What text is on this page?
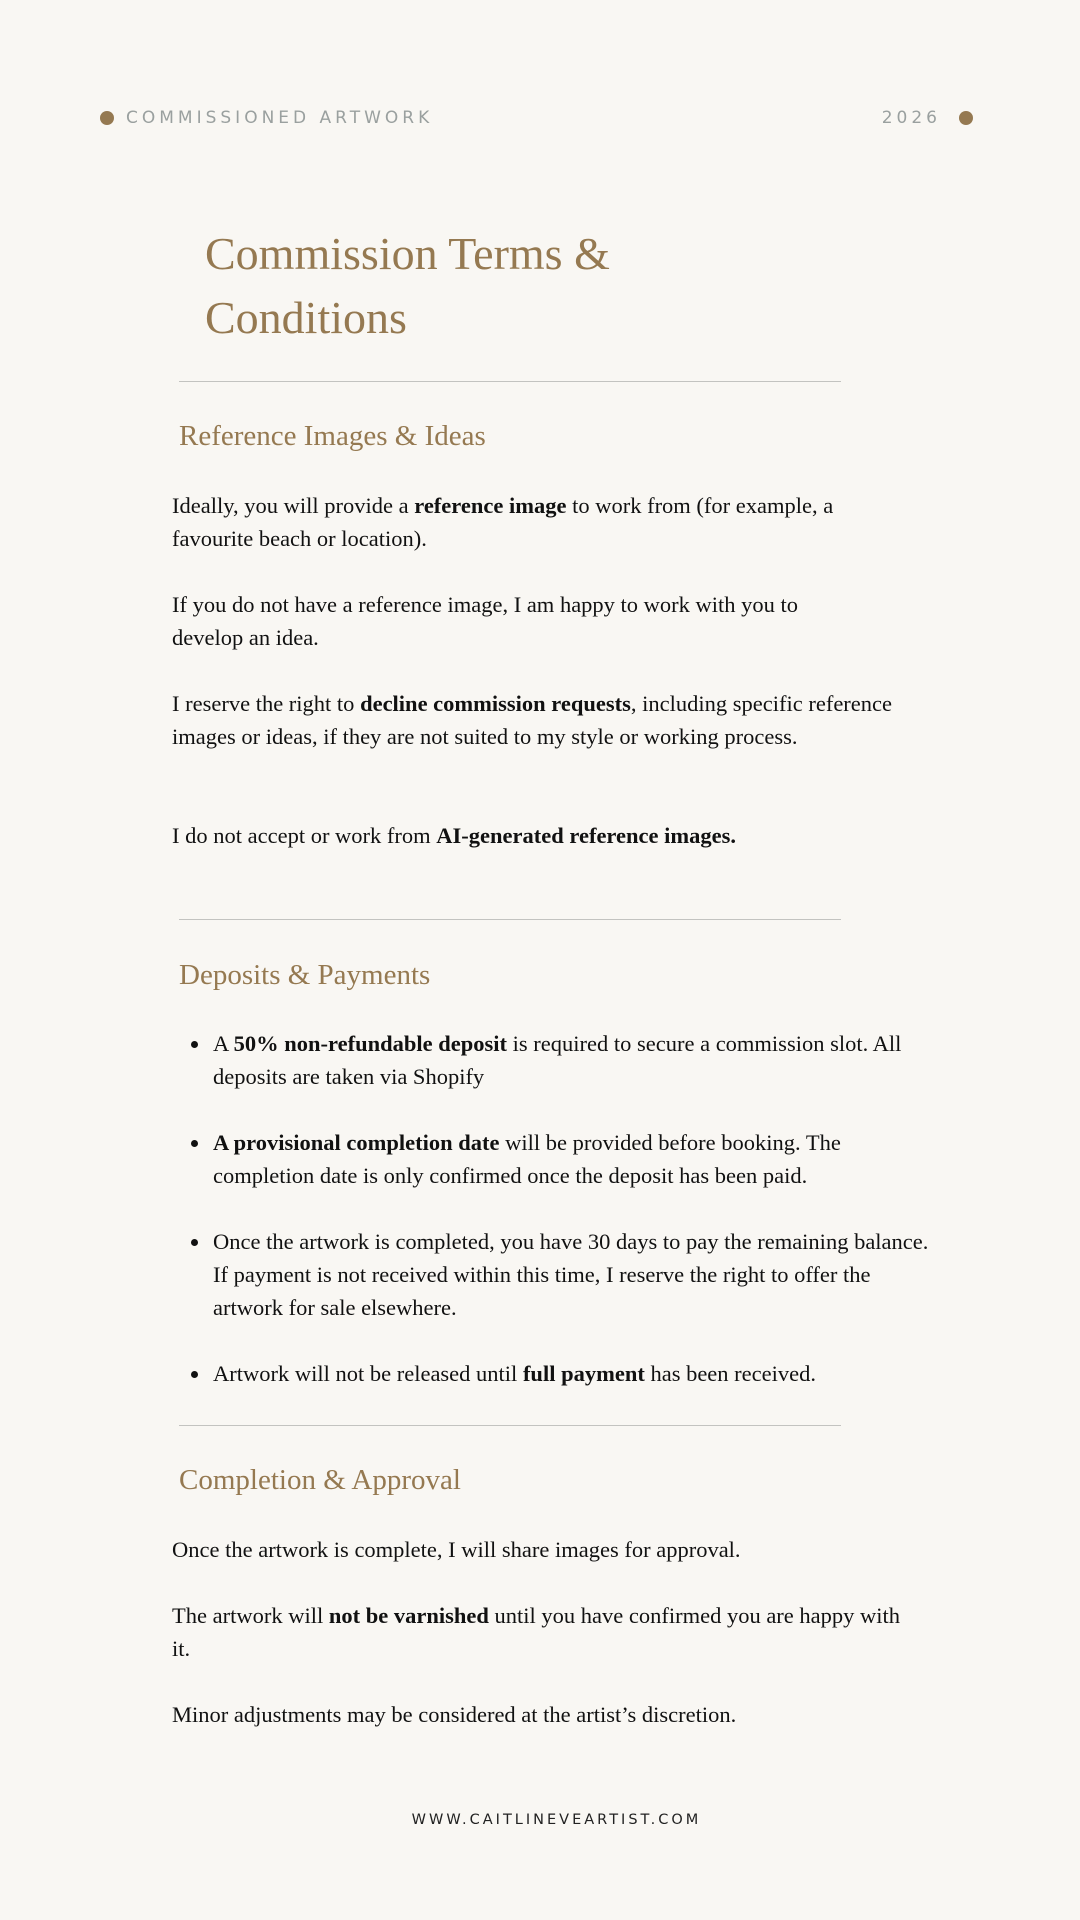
COMMISSIONED ARTWORK	2026
Commission Terms & Conditions
Reference Images & Ideas

Ideally, you will provide a reference image to work from (for example, a favourite beach or location).

If you do not have a reference image, I am happy to work with you to develop an idea.

I reserve the right to decline commission requests, including specific reference images or ideas, if they are not suited to my style or working process.

I do not accept or work from AI-generated reference images.

Deposits & Payments
A 50% non-refundable deposit is required to secure a commission slot. All deposits are taken via Shopify
A provisional completion date will be provided before booking. The completion date is only confirmed once the deposit has been paid.
Once the artwork is completed, you have 30 days to pay the remaining balance. If payment is not received within this time, I reserve the right to offer the artwork for sale elsewhere.
Artwork will not be released until full payment has been received.
Completion & Approval

Once the artwork is complete, I will share images for approval.

The artwork will not be varnished until you have confirmed you are happy with it.

Minor adjustments may be considered at the artist’s discretion.

WWW.CAITLINEVEARTIST.COM
